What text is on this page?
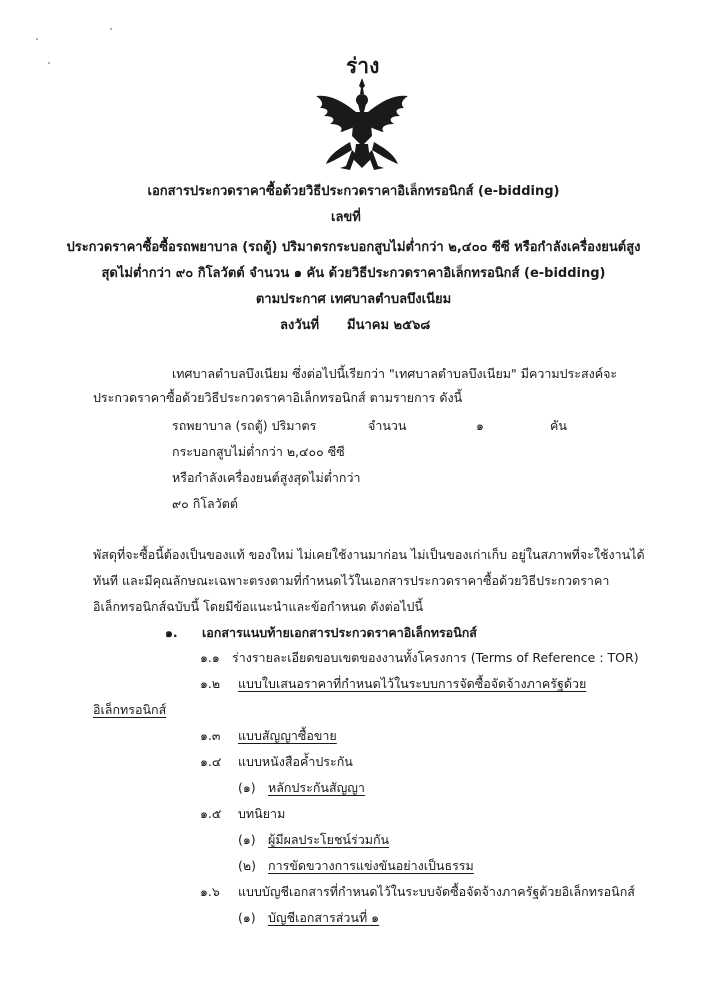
ร่าง
เอกสารประกวดราคาซื้อด้วยวิธีประกวดราคาอิเล็กทรอนิกส์ (e-bidding)
เลขที่
ประกวดราคาซื้อซื้อรถพยาบาล (รถตู้) ปริมาตรกระบอกสูบไม่ต่ำกว่า ๒,๔๐๐ ซีซี หรือกำลังเครื่องยนต์สูง
สุดไม่ต่ำกว่า ๙๐ กิโลวัตต์ จำนวน ๑ คัน ด้วยวิธีประกวดราคาอิเล็กทรอนิกส์ (e-bidding)
ตามประกาศ เทศบาลตำบลบึงเนียม
ลงวันที่ มีนาคม ๒๕๖๘
เทศบาลตำบลบึงเนียม ซึ่งต่อไปนี้เรียกว่า "เทศบาลตำบลบึงเนียม" มีความประสงค์จะ
ประกวดราคาซื้อด้วยวิธีประกวดราคาอิเล็กทรอนิกส์ ตามรายการ ดังนี้
รถพยาบาล (รถตู้) ปริมาตร	จำนวน	๑	คัน
กระบอกสูบไม่ต่ำกว่า ๒,๔๐๐ ซีซี
หรือกำลังเครื่องยนต์สูงสุดไม่ต่ำกว่า
๙๐ กิโลวัตต์
พัสดุที่จะซื้อนี้ต้องเป็นของแท้ ของใหม่ ไม่เคยใช้งานมาก่อน ไม่เป็นของเก่าเก็บ อยู่ในสภาพที่จะใช้งานได้
ทันที และมีคุณลักษณะเฉพาะตรงตามที่กำหนดไว้ในเอกสารประกวดราคาซื้อด้วยวิธีประกวดราคา
อิเล็กทรอนิกส์ฉบับนี้ โดยมีข้อแนะนำและข้อกำหนด ดังต่อไปนี้
๑. เอกสารแนบท้ายเอกสารประกวดราคาอิเล็กทรอนิกส์
๑.๑ ร่างรายละเอียดขอบเขตของงานทั้งโครงการ (Terms of Reference : TOR)
๑.๒ แบบใบเสนอราคาที่กำหนดไว้ในระบบการจัดซื้อจัดจ้างภาครัฐด้วย
อิเล็กทรอนิกส์
๑.๓ แบบสัญญาซื้อขาย
๑.๔ แบบหนังสือค้ำประกัน
(๑) หลักประกันสัญญา
๑.๕ บทนิยาม
(๑) ผู้มีผลประโยชน์ร่วมกัน
(๒) การขัดขวางการแข่งขันอย่างเป็นธรรม
๑.๖ แบบบัญชีเอกสารที่กำหนดไว้ในระบบจัดซื้อจัดจ้างภาครัฐด้วยอิเล็กทรอนิกส์
(๑) บัญชีเอกสารส่วนที่ ๑
